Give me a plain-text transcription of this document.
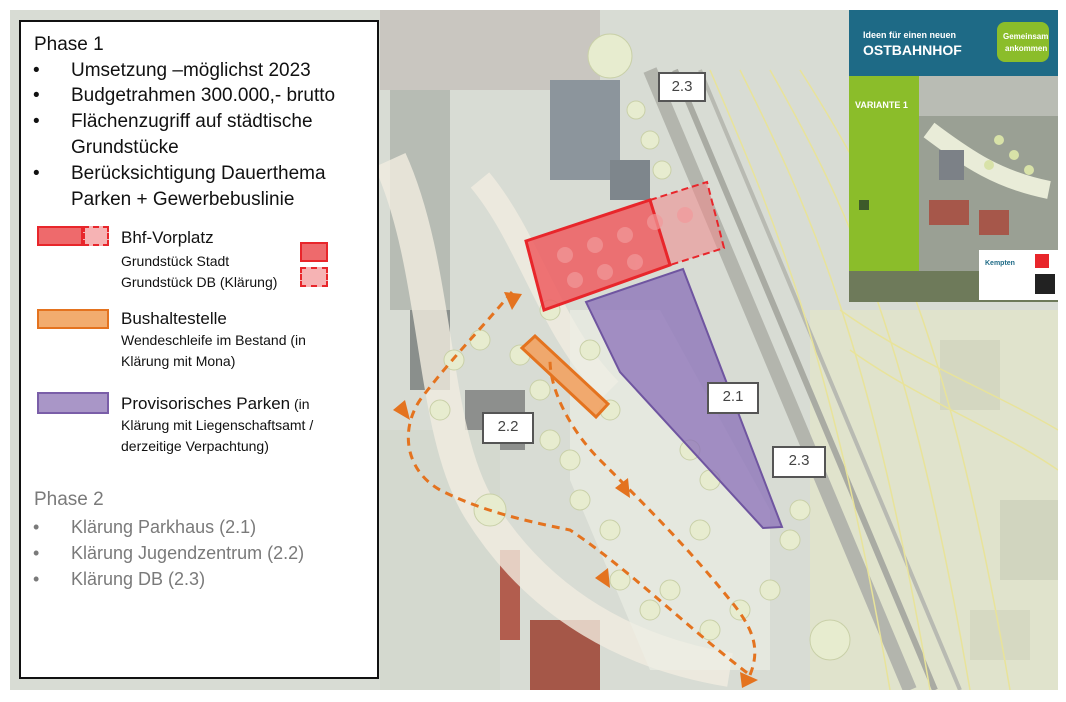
2.3
2.1
2.2
2.3
Ideen für einen neuen
OSTBAHNHOF
Gemeinsam
ankommen
VARIANTE 1
Kempten
Phase 1
•	Umsetzung –möglichst 2023
•	Budgetrahmen 300.000,- brutto
•	Flächenzugriff auf städtische
Grundstücke
•	Berücksichtigung Dauerthema
Parken + Gewerbebuslinie
Bhf-Vorplatz
Grundstück Stadt
Grundstück DB (Klärung)
Bushaltestelle
Wendeschleife im Bestand (in Klärung mit Mona)
Provisorisches Parken (in
Klärung mit Liegenschaftsamt / derzeitige Verpachtung)
Phase 2
•	Klärung Parkhaus (2.1)
•	Klärung Jugendzentrum (2.2)
•	Klärung DB (2.3)
